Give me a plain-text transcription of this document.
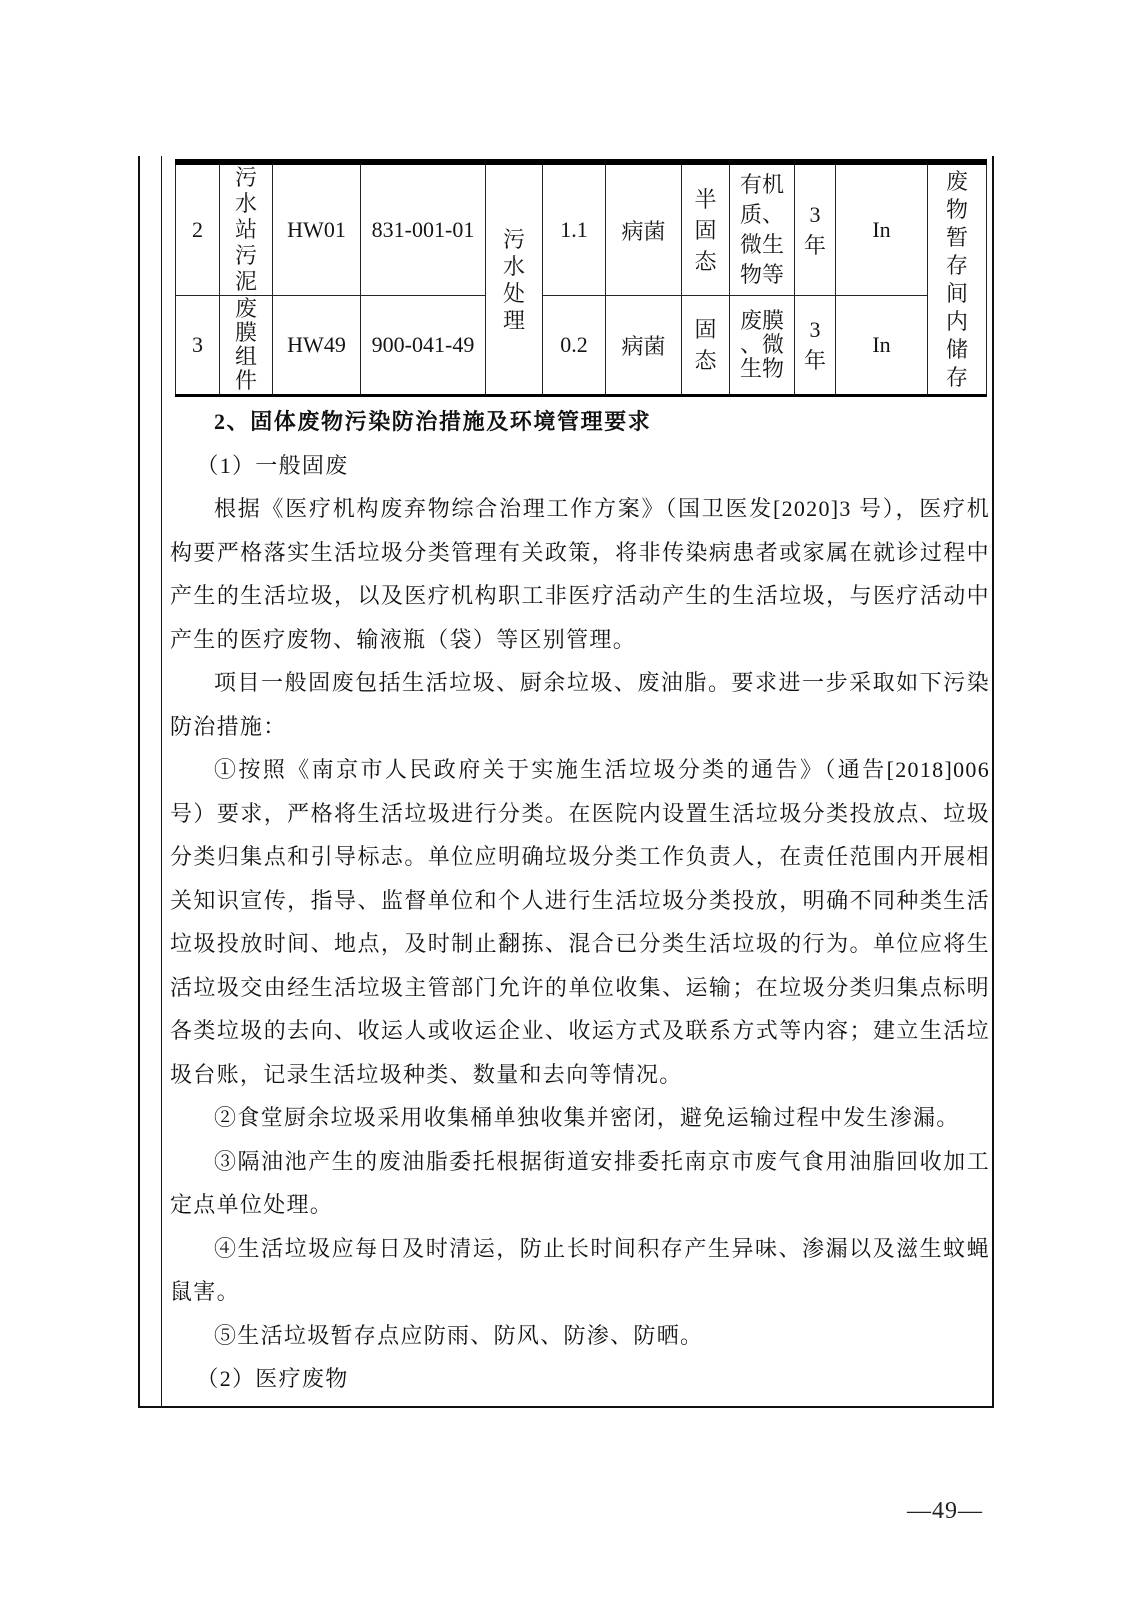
2	污水站污泥	HW01	831-001-01	污水处理	1.1	病菌	半固态	有机质、微生物等	3年	In	废物暂存间内储存
3	废膜组件	HW49	900-041-49		0.2	病菌	固态	废膜、微生物	3年	In	

2、固体废物污染防治措施及环境管理要求

（1）一般固废

根据《医疗机构废弃物综合治理工作方案》（国卫医发[2020]3 号），医疗机构要严格落实生活垃圾分类管理有关政策，将非传染病患者或家属在就诊过程中产生的生活垃圾，以及医疗机构职工非医疗活动产生的生活垃圾，与医疗活动中产生的医疗废物、输液瓶（袋）等区别管理。

项目一般固废包括生活垃圾、厨余垃圾、废油脂。要求进一步采取如下污染防治措施：

①按照《南京市人民政府关于实施生活垃圾分类的通告》（通告[2018]006 号）要求，严格将生活垃圾进行分类。在医院内设置生活垃圾分类投放点、垃圾分类归集点和引导标志。单位应明确垃圾分类工作负责人，在责任范围内开展相关知识宣传，指导、监督单位和个人进行生活垃圾分类投放，明确不同种类生活垃圾投放时间、地点，及时制止翻拣、混合已分类生活垃圾的行为。单位应将生活垃圾交由经生活垃圾主管部门允许的单位收集、运输；在垃圾分类归集点标明各类垃圾的去向、收运人或收运企业、收运方式及联系方式等内容；建立生活垃圾台账，记录生活垃圾种类、数量和去向等情况。

②食堂厨余垃圾采用收集桶单独收集并密闭，避免运输过程中发生渗漏。

③隔油池产生的废油脂委托根据街道安排委托南京市废气食用油脂回收加工定点单位处理。

④生活垃圾应每日及时清运，防止长时间积存产生异味、渗漏以及滋生蚊蝇鼠害。

⑤生活垃圾暂存点应防雨、防风、防渗、防晒。

（2）医疗废物

—49—
